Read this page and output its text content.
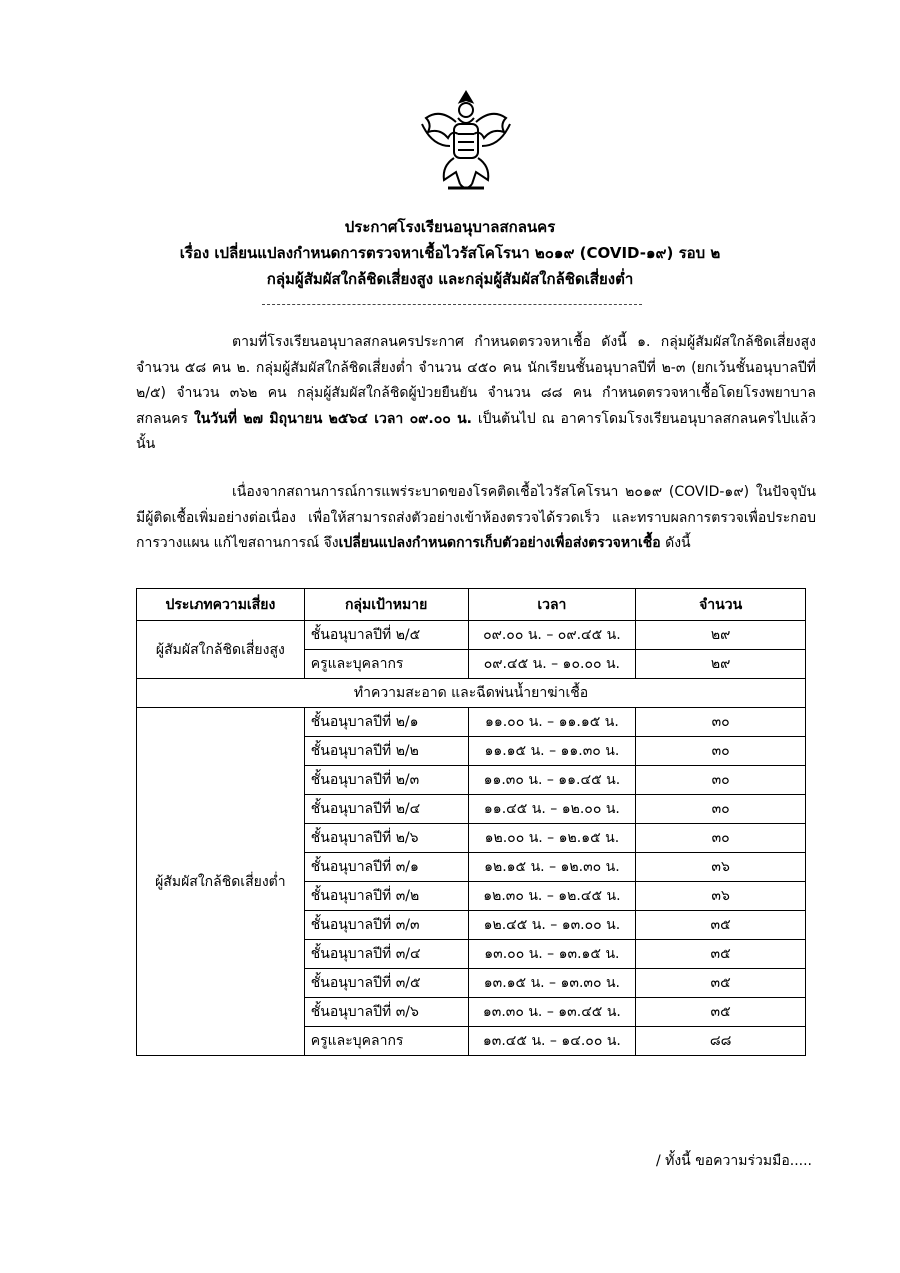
ประกาศโรงเรียนอนุบาลสกลนคร
เรื่อง เปลี่ยนแปลงกำหนดการตรวจหาเชื้อไวรัสโคโรนา ๒๐๑๙ (COVID-๑๙) รอบ ๒
กลุ่มผู้สัมผัสใกล้ชิดเสี่ยงสูง และกลุ่มผู้สัมผัสใกล้ชิดเสี่ยงต่ำ
ตามที่โรงเรียนอนุบาลสกลนครประกาศ กำหนดตรวจหาเชื้อ ดังนี้ ๑. กลุ่มผู้สัมผัสใกล้ชิดเสี่ยงสูง จำนวน ๕๘ คน ๒. กลุ่มผู้สัมผัสใกล้ชิดเสี่ยงต่ำ จำนวน ๔๕๐ คน นักเรียนชั้นอนุบาลปีที่ ๒-๓ (ยกเว้นชั้นอนุบาลปีที่ ๒/๕) จำนวน ๓๖๒ คน กลุ่มผู้สัมผัสใกล้ชิดผู้ป่วยยืนยัน จำนวน ๘๘ คน กำหนดตรวจหาเชื้อโดยโรงพยาบาลสกลนคร ในวันที่ ๒๗ มิถุนายน ๒๕๖๔ เวลา ๐๙.๐๐ น. เป็นต้นไป ณ อาคารโดมโรงเรียนอนุบาลสกลนครไปแล้วนั้น
เนื่องจากสถานการณ์การแพร่ระบาดของโรคติดเชื้อไวรัสโคโรนา ๒๐๑๙ (COVID-๑๙) ในปัจจุบันมีผู้ติดเชื้อเพิ่มอย่างต่อเนื่อง เพื่อให้สามารถส่งตัวอย่างเข้าห้องตรวจได้รวดเร็ว และทราบผลการตรวจเพื่อประกอบการวางแผน แก้ไขสถานการณ์ จึงเปลี่ยนแปลงกำหนดการเก็บตัวอย่างเพื่อส่งตรวจหาเชื้อ ดังนี้
ประเภทความเสี่ยง	กลุ่มเป้าหมาย	เวลา	จำนวน
ผู้สัมผัสใกล้ชิดเสี่ยงสูง	ชั้นอนุบาลปีที่ ๒/๕	๐๙.๐๐ น. – ๐๙.๔๕ น.	๒๙
	ครูและบุคลากร	๐๙.๔๕ น. – ๑๐.๐๐ น.	๒๙
ทำความสะอาด และฉีดพ่นน้ำยาฆ่าเชื้อ			
ผู้สัมผัสใกล้ชิดเสี่ยงต่ำ	ชั้นอนุบาลปีที่ ๒/๑	๑๑.๐๐ น. – ๑๑.๑๕ น.	๓๐
	ชั้นอนุบาลปีที่ ๒/๒	๑๑.๑๕ น. – ๑๑.๓๐ น.	๓๐
	ชั้นอนุบาลปีที่ ๒/๓	๑๑.๓๐ น. – ๑๑.๔๕ น.	๓๐
	ชั้นอนุบาลปีที่ ๒/๔	๑๑.๔๕ น. – ๑๒.๐๐ น.	๓๐
	ชั้นอนุบาลปีที่ ๒/๖	๑๒.๐๐ น. – ๑๒.๑๕ น.	๓๐
	ชั้นอนุบาลปีที่ ๓/๑	๑๒.๑๕ น. – ๑๒.๓๐ น.	๓๖
	ชั้นอนุบาลปีที่ ๓/๒	๑๒.๓๐ น. – ๑๒.๔๕ น.	๓๖
	ชั้นอนุบาลปีที่ ๓/๓	๑๒.๔๕ น. – ๑๓.๐๐ น.	๓๕
	ชั้นอนุบาลปีที่ ๓/๔	๑๓.๐๐ น. – ๑๓.๑๕ น.	๓๕
	ชั้นอนุบาลปีที่ ๓/๕	๑๓.๑๕ น. – ๑๓.๓๐ น.	๓๕
	ชั้นอนุบาลปีที่ ๓/๖	๑๓.๓๐ น. – ๑๓.๔๕ น.	๓๕
	ครูและบุคลากร	๑๓.๔๕ น. – ๑๔.๐๐ น.	๘๘
/ ทั้งนี้ ขอความร่วมมือ.....
